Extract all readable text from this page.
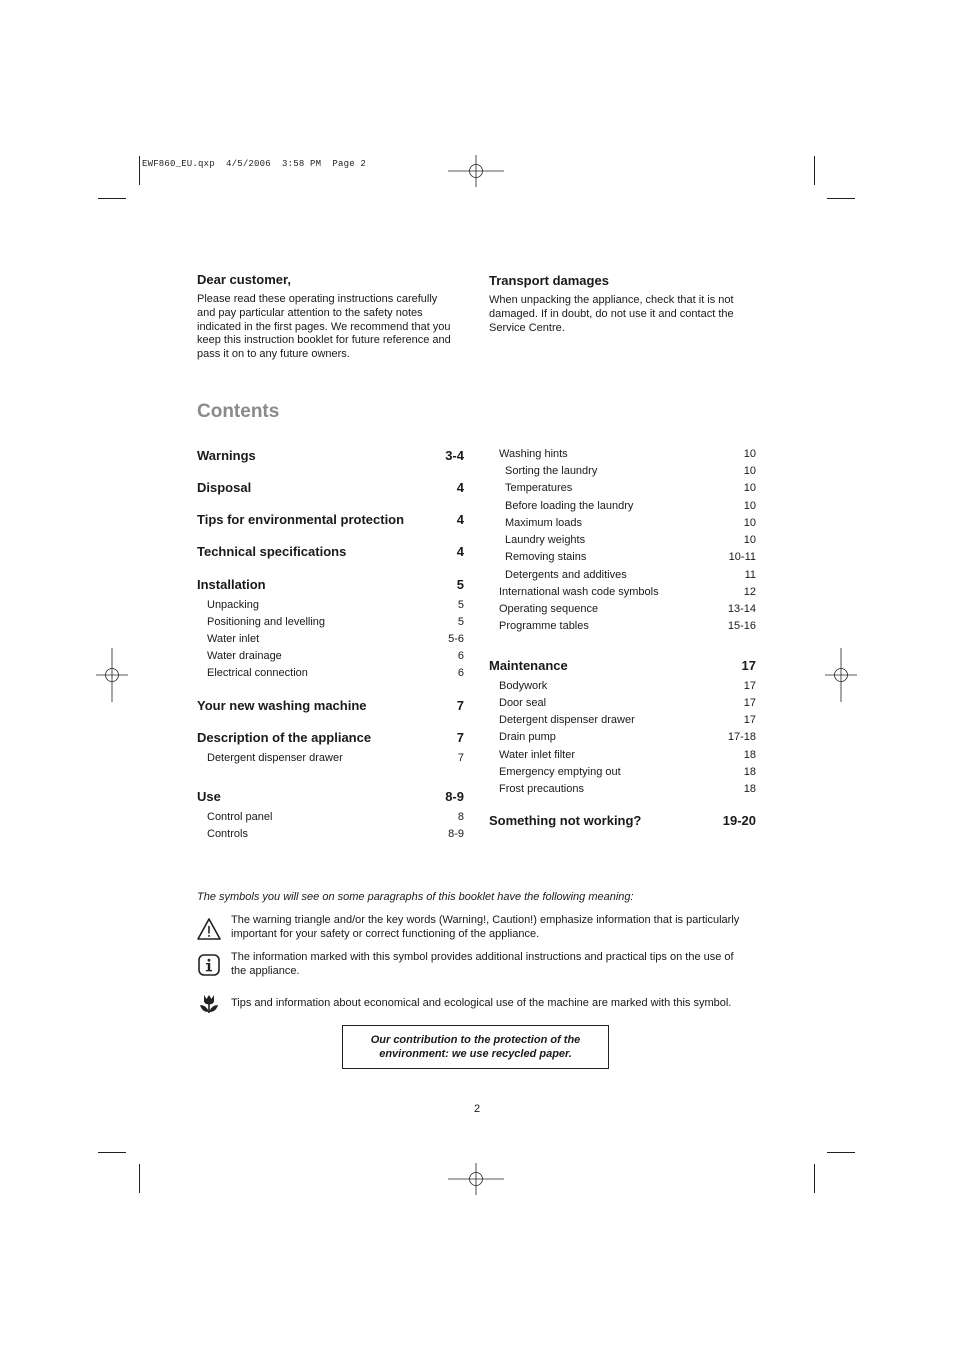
EWF860_EU.qxp  4/5/2006  3:58 PM  Page 2
Dear customer,
Please read these operating instructions carefully
and pay particular attention to the safety notes
indicated in the first pages. We recommend that you
keep this instruction booklet for future reference and
pass it on to any future owners.
Transport damages
When unpacking the appliance, check that it is not
damaged. If in doubt, do not use it and contact the
Service Centre.
Contents
Warnings	3-4
Disposal	4
Tips for environmental protection	4
Technical specifications	4
Installation	5
Unpacking	5
Positioning and levelling	5
Water inlet	5-6
Water drainage	6
Electrical connection	6
Your new washing machine	7
Description of the appliance	7
Detergent dispenser drawer	7
Use	8-9
Control panel	8
Controls	8-9
Washing hints	10
Sorting the laundry	10
Temperatures	10
Before loading the laundry	10
Maximum loads	10
Laundry weights	10
Removing stains	10-11
Detergents and additives	11
International wash code symbols	12
Operating sequence	13-14
Programme tables	15-16
Maintenance	17
Bodywork	17
Door seal	17
Detergent dispenser drawer	17
Drain pump	17-18
Water inlet filter	18
Emergency emptying out	18
Frost precautions	18
Something not working?	19-20
The symbols you will see on some paragraphs of this booklet have the following meaning:
The warning triangle and/or the key words (Warning!, Caution!) emphasize information that is particularly
important for your safety or correct functioning of the appliance.
The information marked with this symbol provides additional instructions and practical tips on the use of
the appliance.
Tips and information about economical and ecological use of the machine are marked with this symbol.
Our contribution to the protection of the
environment: we use recycled paper.
2
